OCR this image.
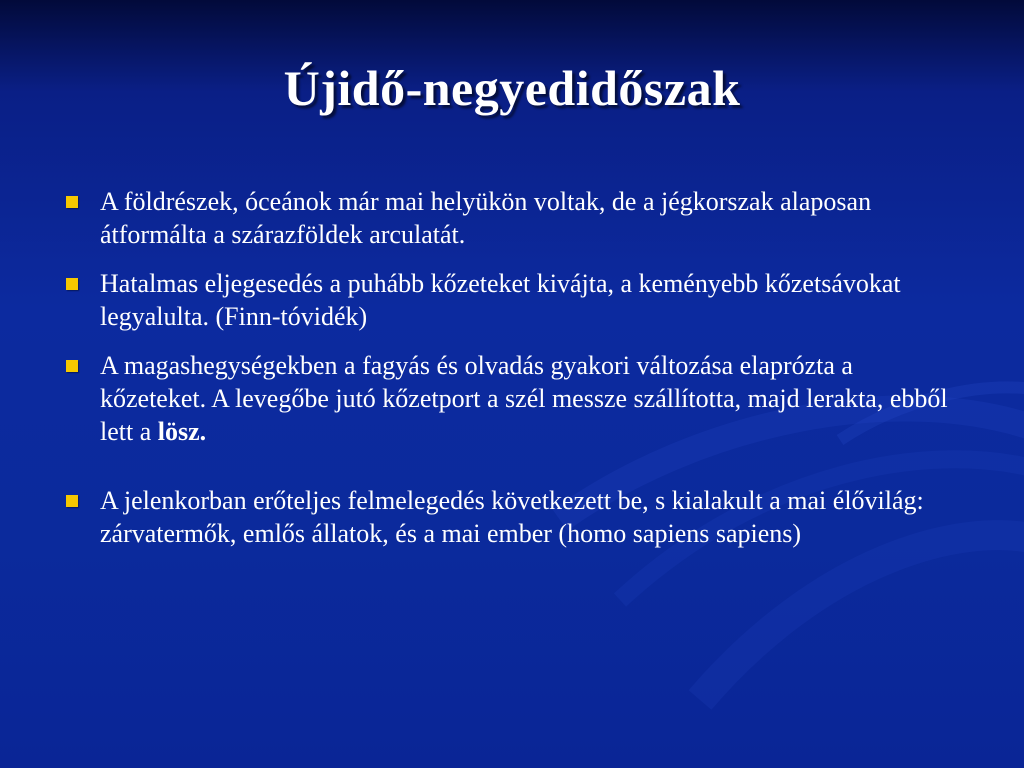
Újidő-negyedidőszak
A földrészek, óceánok már mai helyükön voltak, de a jégkorszak alaposan átformálta a szárazföldek arculatát.
Hatalmas eljegesedés a puhább kőzeteket kivájta, a keményebb kőzetsávokat legyalulta. (Finn-tóvidék)
A magashegységekben a fagyás és olvadás gyakori változása elaprózta a kőzeteket. A levegőbe jutó kőzetport a szél messze szállította, majd lerakta, ebből lett a lösz.
A jelenkorban erőteljes felmelegedés következett be, s kialakult a mai élővilág: zárvatermők, emlős állatok, és a mai ember (homo sapiens sapiens)
